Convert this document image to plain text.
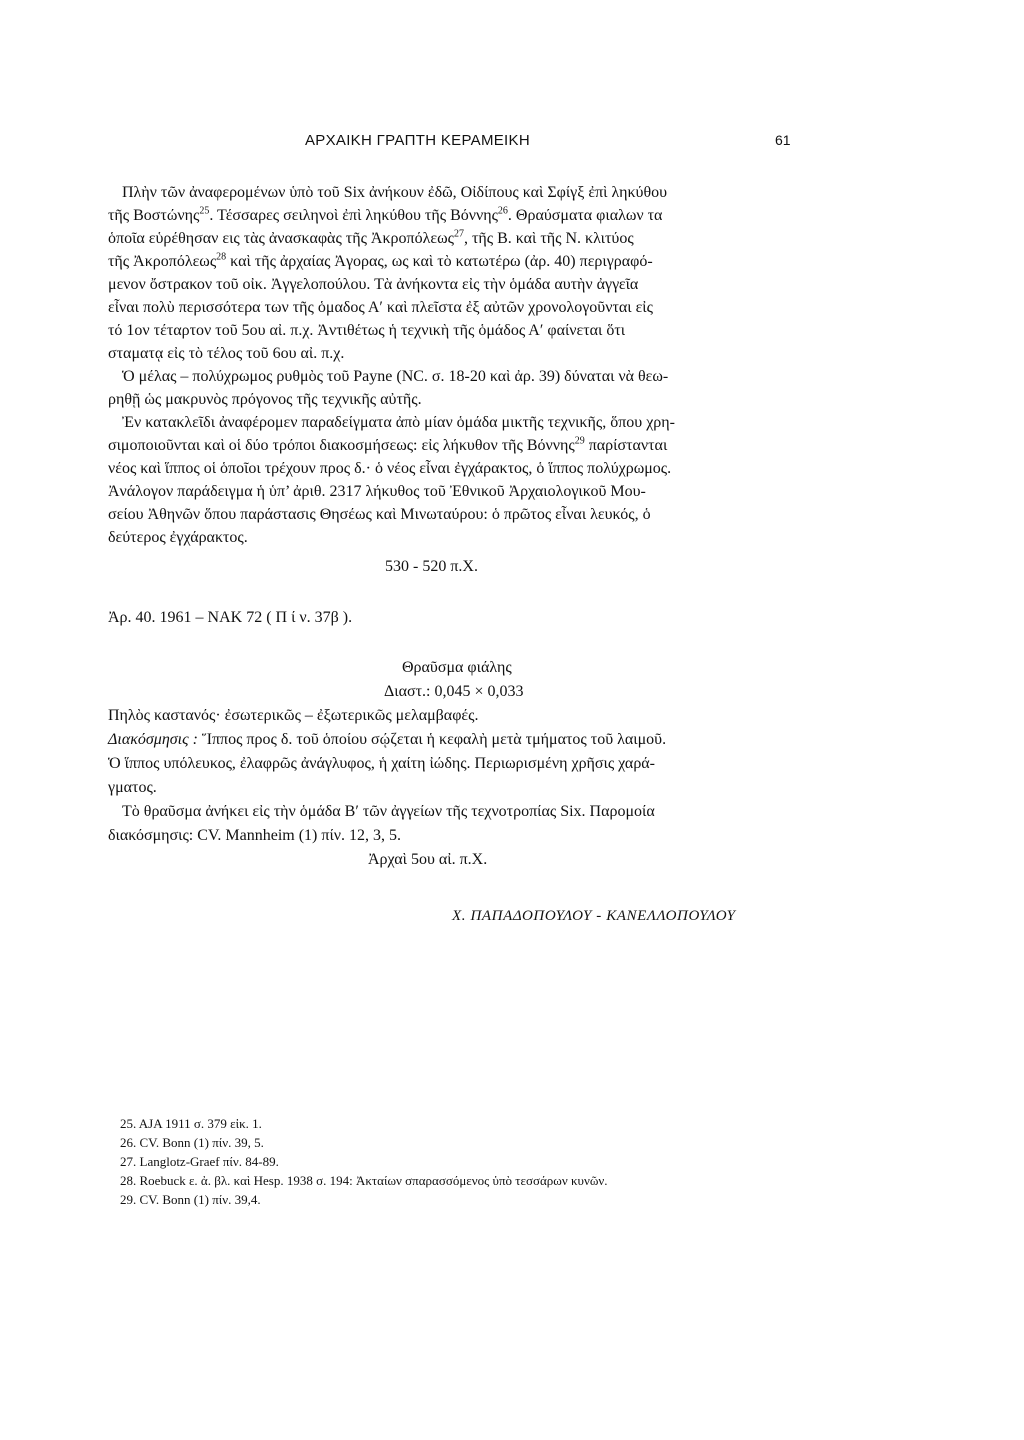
ΑΡΧΑΙΚΗ ΓΡΑΠΤΗ ΚΕΡΑΜΕΙΚΗ	61
Πλὴν τῶν ἀναφερομένων ὑπὸ τοῦ Six ἀνήκουν ἐδῶ, Οἰδίπους καὶ Σφίγξ ἐπὶ ληκύθου
τῆς Βοστώνης$^{25}$. Τέσσαρες σειληνοὶ ἐπὶ ληκύθου τῆς Βόννης$^{26}$. Θραύσματα φιαλων τα
ὁποῖα εὑρέθησαν εις τὰς ἀνασκαφὰς τῆς Ἀκροπόλεως$^{27}$, τῆς Β. καὶ τῆς Ν. κλιτύος
τῆς Ἀκροπόλεως$^{28}$ καὶ τῆς ἀρχαίας Ἀγορας, ως καὶ τὸ κατωτέρω (ἀρ. 40) περιγραφό-
μενον ὄστρακον τοῦ οἰκ. Ἀγγελοπούλου. Τὰ ἀνήκοντα εἰς τὴν ὁμάδα αυτὴν ἀγγεῖα
εἶναι πολὺ περισσότερα των τῆς ὁμαδος Α′ καὶ πλεῖστα ἐξ αὐτῶν χρονολογοῦνται εἰς
τό 1ον τέταρτον τοῦ 5ου αἰ. π.χ. Ἀντιθέτως ἡ τεχνικὴ τῆς ὁμάδος Α′ φαίνεται ὅτι
σταματᾳ εἰς τὸ τέλος τοῦ 6ου αἰ. π.χ.
Ὁ μέλας – πολύχρωμος ρυθμὸς τοῦ Payne (NC. σ. 18-20 καὶ ἀρ. 39) δύναται νὰ θεω-
ρηθῇ ὡς μακρυνὸς πρόγονος τῆς τεχνικῆς αὐτῆς.
Ἐν κατακλεῖδι ἀναφέρομεν παραδείγματα ἀπὸ μίαν ὁμάδα μικτῆς τεχνικῆς, ὅπου χρη-
σιμοποιοῦνται καὶ οἱ δύο τρόποι διακοσμήσεως: εἰς λήκυθον τῆς Βόννης$^{29}$ παρίστανται
νέος καὶ ἵππος οἱ ὁποῖοι τρέχουν προς δ.· ὁ νέος εἶναι ἐγχάρακτος, ὁ ἵππος πολύχρωμος.
Ἀνάλογον παράδειγμα ἡ ὑπ’ ἀριθ. 2317 λήκυθος τοῦ Ἐθνικοῦ Ἀρχαιολογικοῦ Μου-
σείου Ἀθηνῶν ὅπου παράστασις Θησέως καὶ Μινωταύρου: ὁ πρῶτος εἶναι λευκός, ὁ
δεύτερος ἐγχάρακτος.
530 - 520 π.Χ.
Ἀρ. 40. 1961 – NAK 72 ( Π ί ν. 37β ).
Θραῦσμα φιάλης
Διαστ.: 0,045 × 0,033
Πηλὸς καστανός· ἐσωτερικῶς – ἐξωτερικῶς μελαμβαφές.
Διακόσμησις : Ἵππος προς δ. τοῦ ὁποίου σῴζεται ἡ κεφαλὴ μετὰ τμήματος τοῦ λαιμοῦ.
Ὁ ἵππος υπόλευκος, ἐλαφρῶς ἀνάγλυφος, ἡ χαίτη ἰώδης. Περιωρισμένη χρῆσις χαρά-
γματος.
Τὸ θραῦσμα ἀνήκει εἰς τὴν ὁμάδα Β′ τῶν ἀγγείων τῆς τεχνοτροπίας Six. Παρομοία
διακόσμησις: CV. Mannheim (1) πίν. 12, 3, 5.
Ἀρχαὶ 5ου αἰ. π.Χ.
Χ. ΠΑΠΑΔΟΠΟΥΛΟΥ - ΚΑΝΕΛΛΟΠΟΥΛΟΥ
25. AJA 1911 σ. 379 εἰκ. 1.
26. CV. Bonn (1) πίν. 39, 5.
27. Langlotz-Graef πίν. 84-89.
28. Roebuck ε. ἀ. βλ. καὶ Hesp. 1938 σ. 194: Ἀκταίων σπαρασσόμενος ὑπὸ τεσσάρων κυνῶν.
29. CV. Bonn (1) πίν. 39,4.
